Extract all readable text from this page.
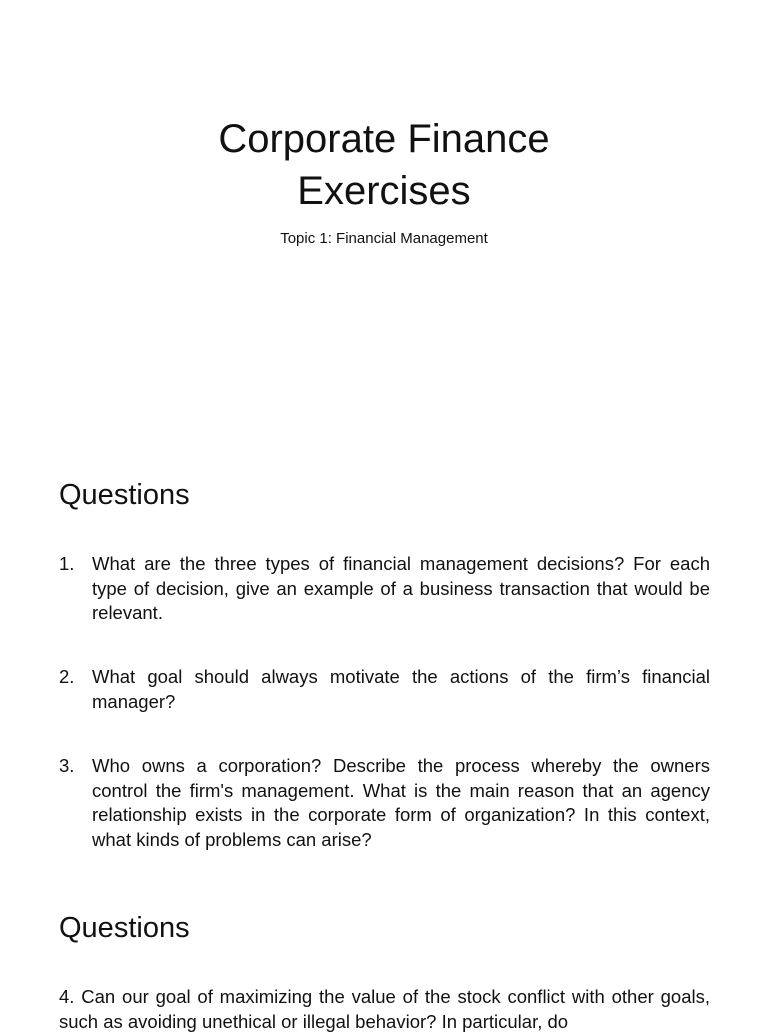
Corporate Finance
Exercises
Topic 1: Financial Management
Questions
1. What are the three types of financial management decisions? For each type of decision, give an example of a business transaction that would be relevant.
2. What goal should always motivate the actions of the firm’s financial manager?
3. Who owns a corporation? Describe the process whereby the owners control the firm's management. What is the main reason that an agency relationship exists in the corporate form of organization? In this context, what kinds of problems can arise?
Questions
4. Can our goal of maximizing the value of the stock conflict with other goals, such as avoiding unethical or illegal behavior? In particular, do
